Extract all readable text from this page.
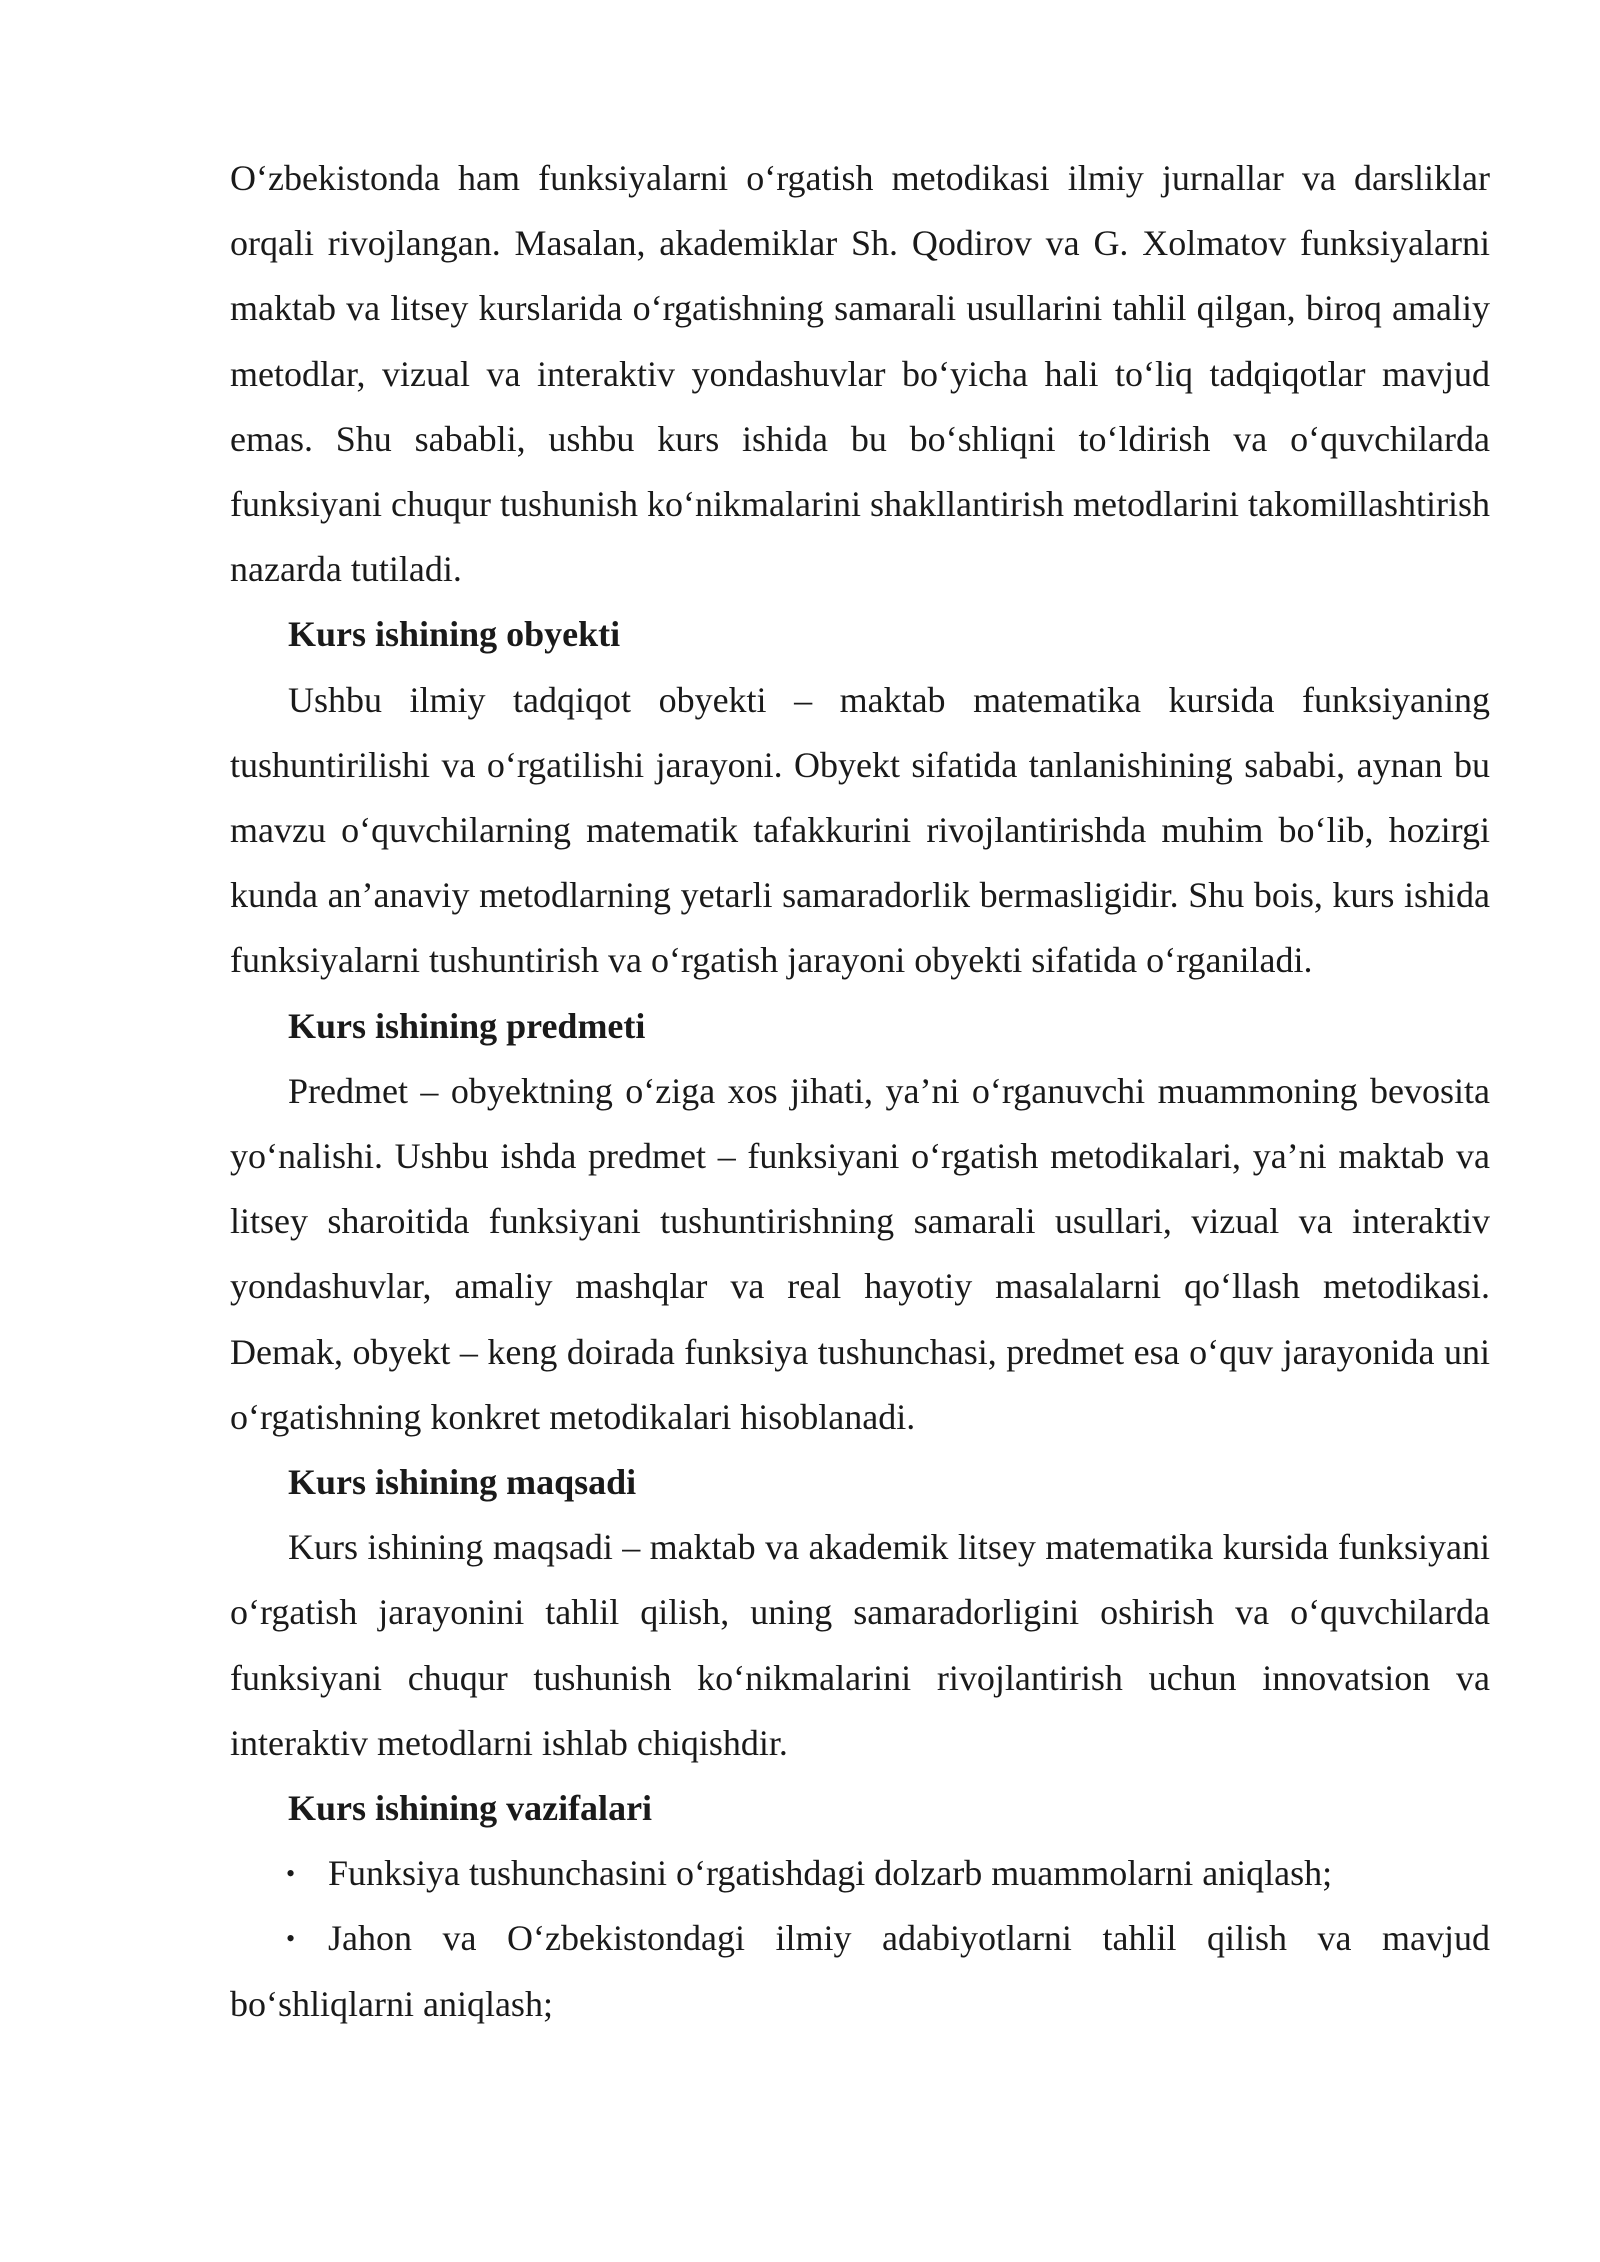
O‘zbekistonda ham funksiyalarni o‘rgatish metodikasi ilmiy jurnallar va darsliklar orqali rivojlangan. Masalan, akademiklar Sh. Qodirov va G. Xolmatov funksiyalarni maktab va litsey kurslarida o‘rgatishning samarali usullarini tahlil qilgan, biroq amaliy metodlar, vizual va interaktiv yondashuvlar bo‘yicha hali to‘liq tadqiqotlar mavjud emas. Shu sababli, ushbu kurs ishida bu bo‘shliqni to‘ldirish va o‘quvchilarda funksiyani chuqur tushunish ko‘nikmalarini shakllantirish metodlarini takomillashtirish nazarda tutiladi.

Kurs ishining obyekti

Ushbu ilmiy tadqiqot obyekti – maktab matematika kursida funksiyaning tushuntirilishi va o‘rgatilishi jarayoni. Obyekt sifatida tanlanishining sababi, aynan bu mavzu o‘quvchilarning matematik tafakkurini rivojlantirishda muhim bo‘lib, hozirgi kunda an’anaviy metodlarning yetarli samaradorlik bermasligidir. Shu bois, kurs ishida funksiyalarni tushuntirish va o‘rgatish jarayoni obyekti sifatida o‘rganiladi.

Kurs ishining predmeti

Predmet – obyektning o‘ziga xos jihati, ya’ni o‘rganuvchi muammoning bevosita yo‘nalishi. Ushbu ishda predmet – funksiyani o‘rgatish metodikalari, ya’ni maktab va litsey sharoitida funksiyani tushuntirishning samarali usullari, vizual va interaktiv yondashuvlar, amaliy mashqlar va real hayotiy masalalarni qo‘llash metodikasi. Demak, obyekt – keng doirada funksiya tushunchasi, predmet esa o‘quv jarayonida uni o‘rgatishning konkret metodikalari hisoblanadi.

Kurs ishining maqsadi

Kurs ishining maqsadi – maktab va akademik litsey matematika kursida funksiyani o‘rgatish jarayonini tahlil qilish, uning samaradorligini oshirish va o‘quvchilarda funksiyani chuqur tushunish ko‘nikmalarini rivojlantirish uchun innovatsion va interaktiv metodlarni ishlab chiqishdir.

Kurs ishining vazifalari

• Funksiya tushunchasini o‘rgatishdagi dolzarb muammolarni aniqlash;

• Jahon va O‘zbekistondagi ilmiy adabiyotlarni tahlil qilish va mavjud bo‘shliqlarni aniqlash;
